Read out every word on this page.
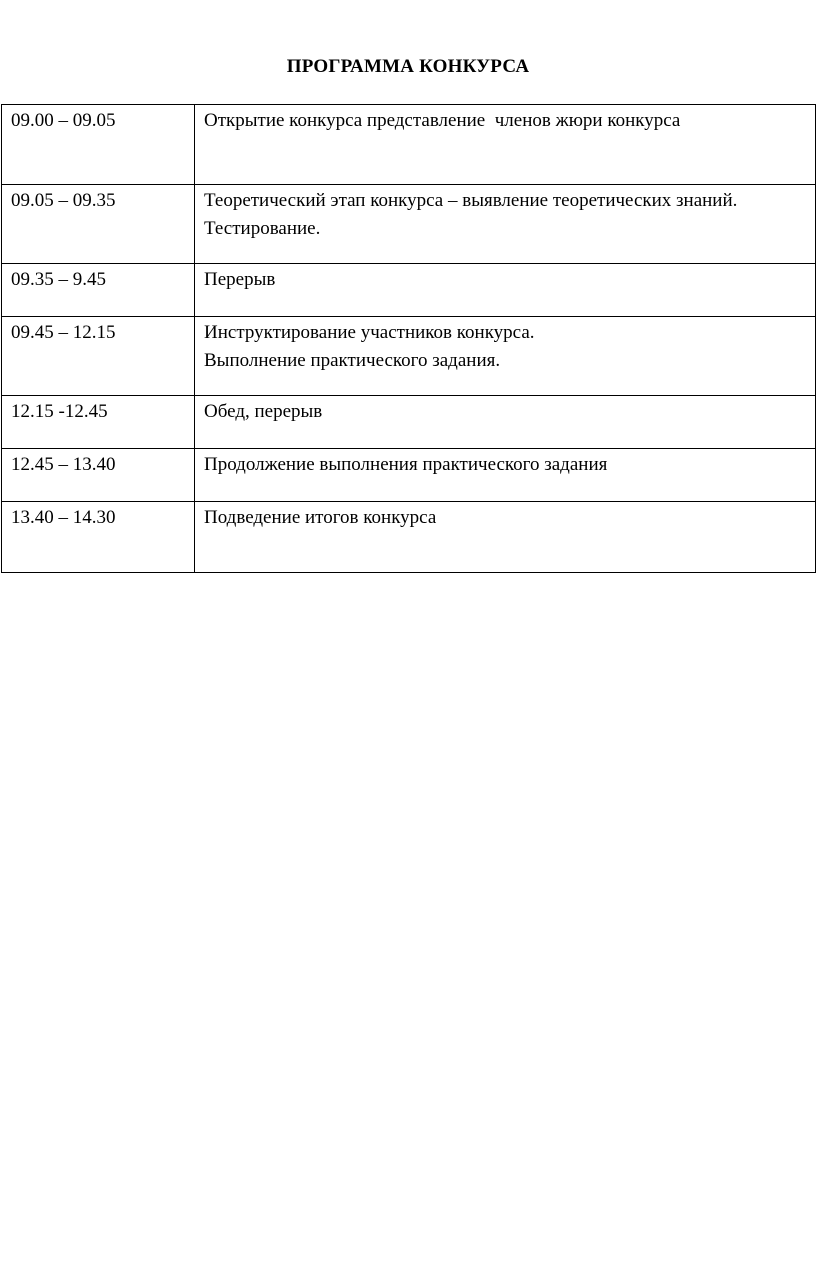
ПРОГРАММА КОНКУРСА
09.00 – 09.05	Открытие конкурса представление  членов жюри конкурса

09.05 – 09.35	Теоретический этап конкурса – выявление теоретических знаний. Тестирование.

09.35 – 9.45	Перерыв

09.45 – 12.15	Инструктирование участников конкурса.
Выполнение практического задания.

12.15 -12.45	Обед, перерыв

12.45 – 13.40	Продолжение выполнения практического задания

13.40 – 14.30	Подведение итогов конкурса
